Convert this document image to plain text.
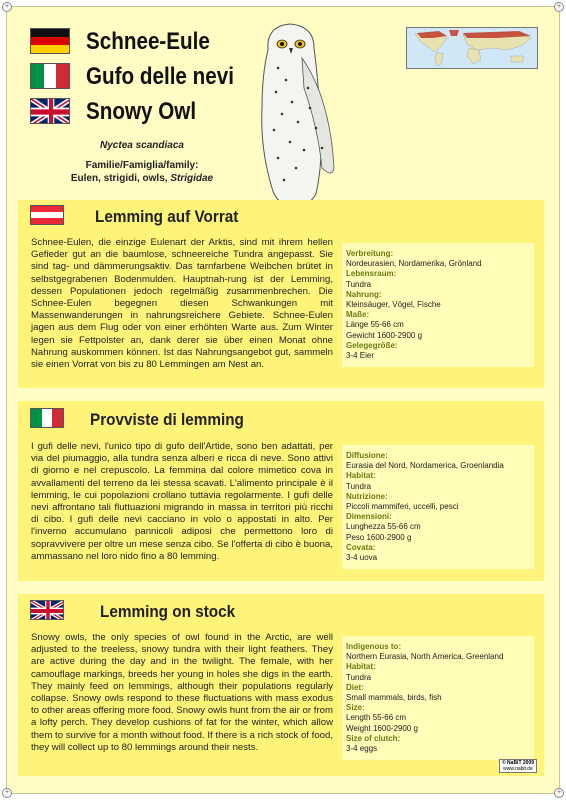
+	+
+	+
Schnee-Eule
Gufo delle nevi
Snowy Owl
Nyctea scandiaca
Familie/Famiglia/family:
Eulen, strigidi, owls, Strigidae
Lemming auf Vorrat
Schnee-Eulen, die einzige Eulenart der Arktis, sind mit ihrem hellen Gefieder gut an die baumlose, schneereiche Tundra angepasst. Sie sind tag- und dämmerungsaktiv. Das tarnfarbene Weibchen brütet in selbstgegrabenen Bodenmulden. Hauptnah-rung ist der Lemming, dessen Populationen jedoch regelmäßig zusammenbrechen. Die Schnee-Eulen begegnen diesen Schwankungen mit Massenwanderungen in nahrungsreichere Gebiete. Schnee-Eulen jagen aus dem Flug oder von einer erhöhten Warte aus. Zum Winter legen sie Fettpolster an, dank derer sie über einen Monat ohne Nahrung auskommen können. Ist das Nahrungsangebot gut, sammeln sie einen Vorrat von bis zu 80 Lemmingen am Nest an.
Verbreitung:
Nordeurasien, Nordamerika, Grönland
Lebensraum:
Tundra
Nahrung:
Kleinsäuger, Vögel, Fische
Maße:
Länge 55-66 cm
Gewicht 1600-2900 g
Gelegegröße:
3-4 Eier
Provviste di lemming
I gufi delle nevi, l'unico tipo di gufo dell'Artide, sono ben adattati, per via del piumaggio, alla tundra senza alberi e ricca di neve. Sono attivi di giorno e nel crepuscolo. La femmina dal colore mimetico cova in avvallamenti del terreno da lei stessa scavati. L'alimento principale è il lemming, le cui popolazioni crollano tuttavia regolarmente. I gufi delle nevi affrontano tali fluttuazioni migrando in massa in territori più ricchi di cibo. I gufi delle nevi cacciano in volo o appostati in alto. Per l'inverno accumulano pannicoli adiposi che permettono loro di sopravvivere per oltre un mese senza cibo. Se l'offerta di cibo è buona, ammassano nel loro nido fino a 80 lemming.
Diffusione:
Eurasia del Nord, Nordamerica, Groenlandia
Habitat:
Tundra
Nutrizione:
Piccoli mammiferi, uccelli, pesci
Dimensioni:
Lunghezza 55-66 cm
Peso 1600-2900 g
Covata:
3-4 uova
Lemming on stock
Snowy owls, the only species of owl found in the Arctic, are well adjusted to the treeless, snowy tundra with their light feathers. They are active during the day and in the twilight. The female, with her camouflage markings, breeds her young in holes she digs in the earth. They mainly feed on lemmings, although their populations regularly collapse. Snowy owls respond to these fluctuations with mass exodus to other areas offering more food. Snowy owls hunt from the air or from a lofty perch. They develop cushions of fat for the winter, which allow them to survive for a month without food. If there is a rich stock of food, they will collect up to 80 lemmings around their nests.
Indigenous to:
Northern Eurasia, North America, Greenland
Habitat:
Tundra
Diet:
Small mammals, birds, fish
Size:
Length 55-66 cm
Weight 1600-2900 g
Size of clutch:
3-4 eggs
© NaBiT 2009
www.nabit.de
